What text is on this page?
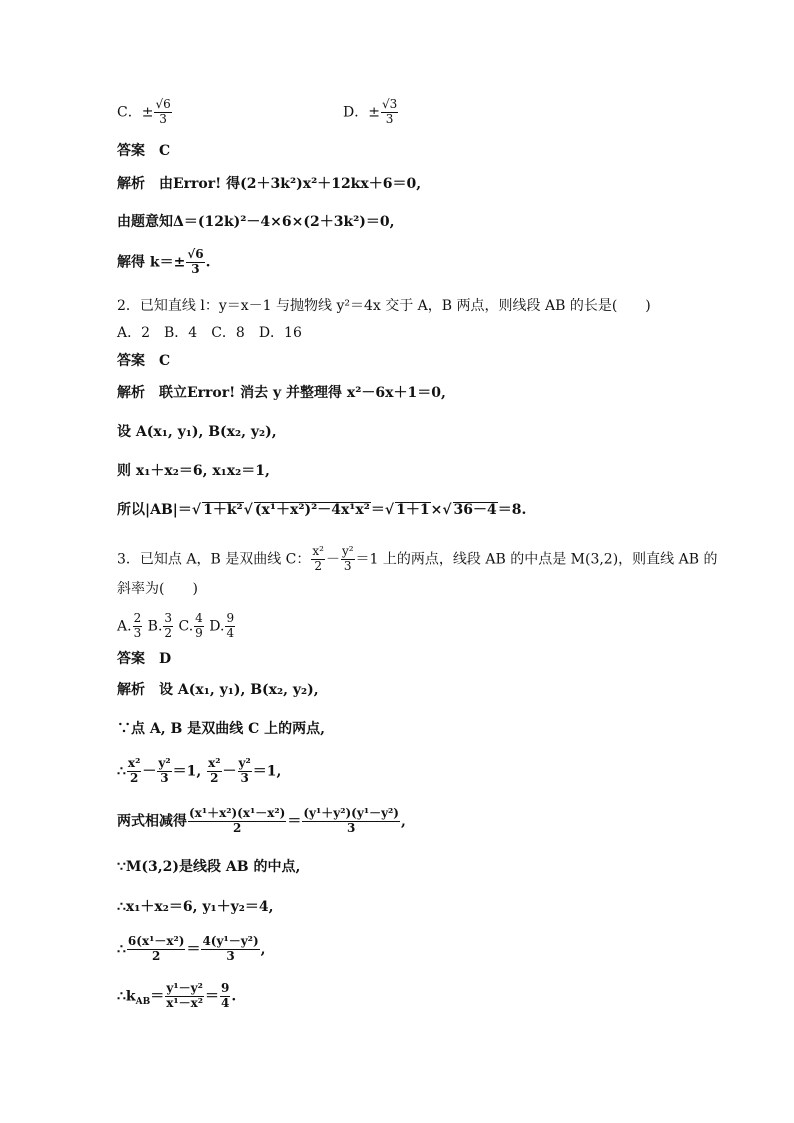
C．± $\frac{√6}{3}$	D．± $\frac{√3}{3}$
答案　C
解析　由Error! 得(2＋3k²)x²＋12kx＋6＝0,
由题意知Δ＝(12k)²－4×6×(2＋3k²)＝0,
解得 $k=\pm \frac{√6}{3}$ .
2．已知直线 l：y＝x－1 与抛物线 y²＝4x 交于 A，B 两点，则线段 AB 的长是(　　)
A．2　B．4　C．8　D．16
答案　C
解析　联立Error! 消去 y 并整理得 x²－6x＋1＝0,
设 A(x₁, y₁), B(x₂, y₂),
则 x₁＋x₂＝6, x₁x₂＝1,
所以|AB|＝√ 1＋k²√ (x¹＋x²)²－4x¹x²＝√ 1＋1×√ 36－4＝8.
3．已知点 A，B 是双曲线 C： $\frac{\text{x²}}{2} - \frac{\text{y²}}{3} =1$ 上的两点，线段 AB 的中点是 M(3,2)，则直线 AB 的
斜率为(　　)
A. $\frac{2}{3} B$. $\frac{3}{2} C$. $\frac{4}{9} D$. $\frac{9}{4}$
答案　D
解析　设 A(x₁, y₁), B(x₂, y₂),
∵点 A, B 是双曲线 C 上的两点,
∴ $\frac{\text{x²}}{2} - \frac{\text{y²}}{3} =1$, $\frac{\text{x²}}{2} - \frac{\text{y²}}{3} =1$,
两式相减得 $\frac{\text{(x¹＋x²)(x¹－x²)}}{2} = \frac{\text{(y¹＋y²)(y¹－y²)}}{3}$ ,
∵M(3,2)是线段 AB 的中点,
∴x₁＋x₂＝6, y₁＋y₂＝4,
∴ $\frac{\text{6(x¹－x²)}}{2} = \frac{\text{4(y¹－y²)}}{3}$ ,
$\therefore k_{AB}= \frac{\text{y¹－y²}}{\text{x¹－x²}} = \frac{9}{4}$ .
